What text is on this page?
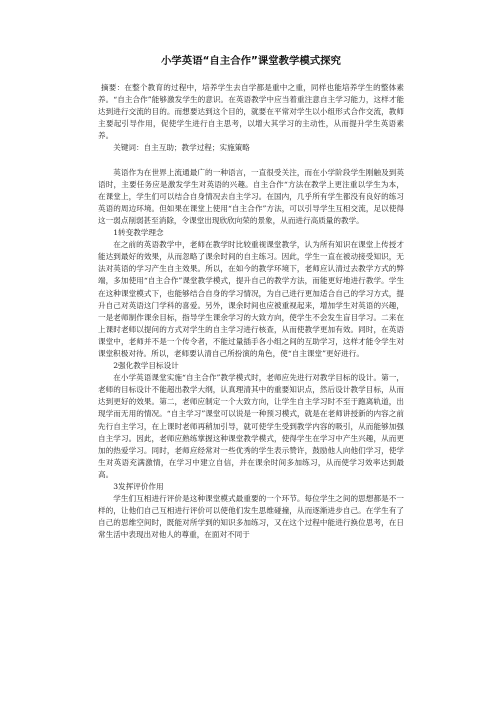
小学英语“自主合作”课堂教学模式探究

摘要：在整个教育的过程中，培养学生去自学都是重中之重，同样也能培养学生的整体素养。“自主合作”能够激发学生的意识。在英语教学中应当着重注意自主学习能力，这样才能达到进行交流的目的。而想要达到这个目的，就要在平常对学生以小组形式合作交流，教师主要起引导作用，促使学生进行自主思考，以增大其学习的主动性，从而提升学生英语素养。

关键词：自主互助；教学过程；实施策略

英语作为在世界上流通最广的一种语言，一直很受关注，而在小学阶段学生刚触及到英语时，主要任务应是激发学生对英语的兴趣。自主合作“方法在教学上更注重以学生为本，在课堂上，学生们可以结合自身情况去自主学习。在国内，几乎所有学生都没有良好的练习英语的周边环境。但如果在课堂上使用“自主合作”方法，可以引导学生互相交流，足以使得这一弱点削弱甚至消除，令课堂出现欣欣向荣的景象，从而进行高质量的教学。

1转变教学理念

在之前的英语教学中，老师在教学时比较重视课堂教学，认为所有知识在课堂上传授才能达到最好的效果，从而忽略了课余时间的自主练习。因此，学生一直在被动接受知识，无法对英语的学习产生自主效果。所以，在如今的教学环境下，老师应认清过去教学方式的弊端，多加使用“自主合作”课堂教学模式，提升自己的教学方法，而能更好地进行教学。学生在这种课堂模式下，也能够结合自身的学习情况，为自己进行更加适合自己的学习方式，提升自己对英语这门学科的喜爱。另外，课余时间也应被重视起来，增加学生对英语的兴趣，一是老师制作课余目标，指导学生课余学习的大致方向，使学生不会发生盲目学习。二来在上课时老师以提问的方式对学生的自主学习进行核查，从而使教学更加有效。同时，在英语课堂中，老师并不是一个传令者，不能过量插手各小组之间的互助学习，这样才能令学生对课堂积极对待。所以，老师要认清自己所扮演的角色，使“自主课堂”更好进行。

2强化教学目标设计

在小学英语课堂实施“自主合作”教学模式时，老师应先进行对教学目标的设计。第一，老师的目标设计不能超出教学大纲，认真理清其中的重要知识点，然后设计教学目标，从而达到更好的效果。第二，老师应制定一个大致方向，让学生自主学习时不至于跑离轨道，出现学而无用的情况。“自主学习”课堂可以说是一种预习模式，就是在老师讲授新的内容之前先行自主学习，在上课时老师再稍加引导，就可使学生受到教学内容的吸引，从而能够加强自主学习。因此，老师应熟练掌握这种课堂教学模式，使得学生在学习中产生兴趣，从而更加的热爱学习。同时，老师应经常对一些优秀的学生表示赞许，鼓励他人向他们学习，使学生对英语充满激情，在学习中建立自信，并在课余时间多加练习，从而使学习效率达到最高。

3发挥评价作用

学生们互相进行评价是这种课堂模式最重要的一个环节。每位学生之间的思想都是不一样的，让他们自己互相进行评价可以使他们发生思维碰撞，从而逐渐进步自己。在学生有了自己的思维空间时，既能对所学到的知识多加练习，又在这个过程中能进行换位思考，在日常生活中表现出对他人的尊重，在面对不同于
